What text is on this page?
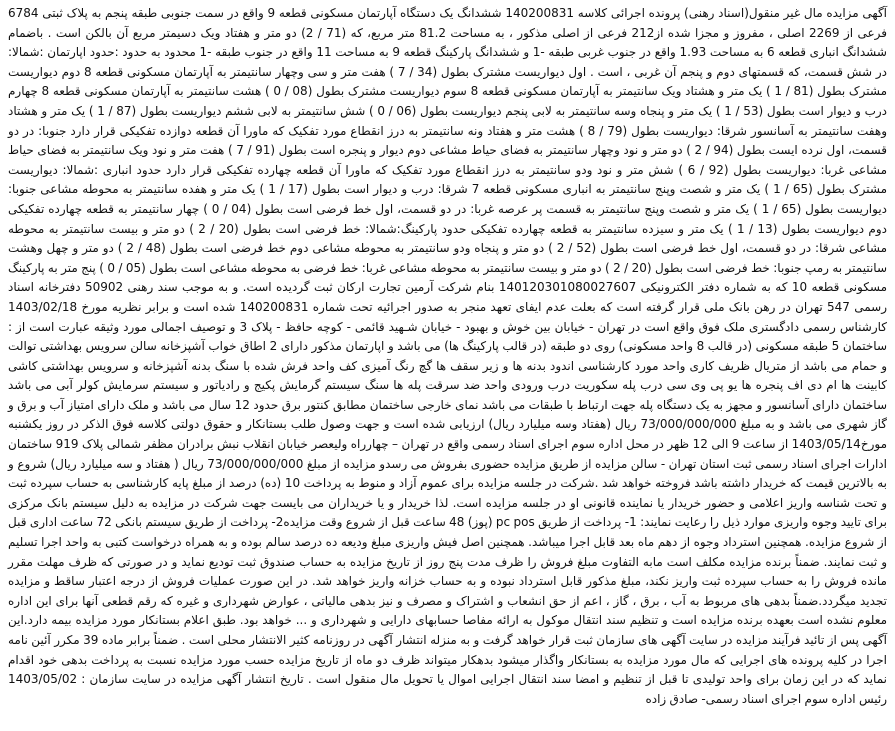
آگهی مزایده مال غیر منقول(اسناد رهنی) پرونده اجرائی کلاسه 140200831 ششدانگ یک دستگاه آپارتمان مسکونی قطعه 9 واقع در سمت جنوبی طبقه پنجم به پلاک ثبتی 6784 فرعی از 2269 اصلی ، مفروز و مجزا شده از212 فرعی از اصلی مذکور ، به مساحت 81.2 متر مربع، که (71 / 2) دو متر و هفتاد ویک دسیمتر مربع آن بالکن است . باضمام ششدانگ انباری قطعه 6 به مساحت 1.93 واقع در جنوب غربی طبقه -1 و ششدانگ پارکینگ قطعه 9 به مساحت 11 واقع در جنوب طبقه -1 محدود به حدود :حدود اپارتمان :شمالا: در شش قسمت، که قسمتهای دوم و پنجم آن غربی ، است . اول دیواریست مشترک بطول (34 / 7 ) هفت متر و سی وچهار سانتیمتر به آپارتمان مسکونی قطعه 8 دوم دیواریست مشترک بطول (81 / 1 ) یک متر و هشتاد ویک سانتیمتر به آپارتمان مسکونی قطعه 8 سوم دیواریست مشترک بطول (08 / 0 ) هشت سانتیمتر به آپارتمان مسکونی قطعه 8 چهارم درب و دیوار است بطول (53 / 1 ) یک متر و پنجاه وسه سانتیمتر به لابی پنجم دیواریست بطول (06 / 0 ) شش سانتیمتر به لابی ششم دیواریست بطول (87 / 1 ) یک متر و هشتاد وهفت سانتیمتر به آسانسور شرقا: دیواریست بطول (79 / 8 ) هشت متر و هفتاد ونه سانتیمتر به درز انقطاع مورد تفکیک که ماورا آن قطعه دوازده تفکیکی قرار دارد جنوبا: در دو قسمت، اول نرده ایست بطول (94 / 2 ) دو متر و نود وچهار سانتیمتر به فضای حیاط مشاعی دوم دیوار و پنجره است بطول (91 / 7 ) هفت متر و نود ویک سانتیمتر به فضای حیاط مشاعی غربا: دیواریست بطول (92 / 6 ) شش متر و نود ودو سانتیمتر به درز انقطاع مورد تفکیک که ماورا آن قطعه چهارده تفکیکی قرار دارد حدود انباری :شمالا: دیواریست مشترک بطول (65 / 1 ) یک متر و شصت وپنج سانتیمتر به انباری مسکونی قطعه 7 شرقا: درب و دیوار است بطول (17 / 1 ) یک متر و هفده سانتیمتر به محوطه مشاعی جنوبا: دیواریست بطول (65 / 1 ) یک متر و شصت وپنج سانتیمتر به قسمت پر عرصه غربا: در دو قسمت، اول خط فرضی است بطول (04 / 0 ) چهار سانتیمتر به قطعه چهارده تفکیکی دوم دیواریست بطول (13 / 1 ) یک متر و سیزده سانتیمتر به قطعه چهارده تفکیکی حدود پارکینگ:شمالا: خط فرضی است بطول (20 / 2 ) دو متر و بیست سانتیمتر به محوطه مشاعی شرقا: در دو قسمت، اول خط فرضی است بطول (52 / 2 ) دو متر و پنجاه ودو سانتیمتر به محوطه مشاعی دوم خط فرضی است بطول (48 / 2 ) دو متر و چهل وهشت سانتیمتر به رمپ جنوبا: خط فرضی است بطول (20 / 2 ) دو متر و بیست سانتیمتر به محوطه مشاعی غربا: خط فرضی به محوطه مشاعی است بطول (05 / 0 ) پنج متر به پارکینگ مسکونی قطعه 10 که به شماره دفتر الکترونیکی 140120301080027607 بنام شرکت آرمین تجارت ارکان ثبت گردیده است. و به موجب سند رهنی 50902 دفترخانه اسناد رسمی 547 تهران در رهن بانک ملی قرار گرفته است که بعلت عدم ایفای تعهد منجر به صدور اجرائیه تحت شماره 140200831 شده است و برابر نظریه مورخ 1403/02/18 کارشناس رسمی دادگستری ملک فوق واقع است در تهران - خیابان بین خوش و بهبود - خیابان شـهید قائمی - کوچه حافظ - پلاک 3 و توصیف اجمالی مورد وثیقه عبارت است از : ساختمان 5 طبقه مسکونی (در قالب 8 واحد مسکونی) روی دو طبقه (در قالب پارکینگ ها) می باشد و اپارتمان مذکور دارای 2 اطاق خواب آشپزخانه سالن سرویس بهداشتی توالت و حمام می باشد از متریال ظریف کاری واحد مورد کارشناسی اندود بدنه ها و زیر سقف ها گچ رنگ آمیزی کف واحد فرش شده با سنگ بدنه آشپزخانه و سرویس بهداشتی کاشی کابینت ها ام دی اف پنجره ها یو پی وی سی درب پله سکوریت درب ورودی واحد ضد سرقت پله ها سنگ سیستم گرمایش پکیج و رادیاتور و سیستم سرمایش کولر آبی می باشد ساختمان دارای آسانسور و مجهز به یک دستگاه پله جهت ارتباط با طبقات می باشد نمای خارجی ساختمان مطابق کنتور برق حدود 12 سال می باشد و ملک دارای امتیاز آب و برق و گاز شهری می باشد و به مبلغ 73/000/000/000 ریال (هفتاد وسه میلیارد ریال) ارزیابی شده است و جهت وصول طلب بستانکار و حقوق دولتی کلاسه فوق الذکر در روز یکشنبه مورخ1403/05/14 از ساعت 9 الی 12 ظهر در محل اداره سوم اجرای اسناد رسمی واقع در تهران – چهارراه ولیعصر خیابان انقلاب نبش برادران مظفر شمالی پلاک 919 ساختمان ادارات اجرای اسناد رسمی ثبت استان تهران - سالن مزایده از طریق مزایده حضوری بفروش می رسدو مزایده از مبلغ 73/000/000/000 ریال ( هفتاد و سه میلیارد ریال) شروع و به بالاترین قیمت که خریدار داشته باشد فروخته خواهد شد .شرکت در جلسه مزایده برای عموم آزاد و منوط به پرداخت 10 (ده) درصد از مبلغ پایه کارشناسی به حساب سپرده ثبت و تحت شناسه واریز اعلامی و حضور خریدار یا نماینده قانونی او در جلسه مزایده است. لذا خریدار و یا خریداران می بایست جهت شرکت در مزایده به دلیل سیستم بانک مرکزی برای تایید وجوه واریزی موارد ذیل را رعایت نمایند: 1- پرداخت از طریق pc pos (پوز) 48 ساعت قبل از شروع وقت مزایده2- پرداخت از طریق سیستم بانکی 72 ساعت اداری قبل از شروع مزایده. همچنین استرداد وجوه از دهم ماه بعد قابل اجرا میباشد. همچنین اصل فیش واریزی مبلغ ودیعه ده درصد سالم بوده و به همراه درخواست کتبی به واحد اجرا تسلیم و ثبت نمایند. ضمناً برنده مزایده مکلف است مابه التفاوت مبلغ فروش را ظرف مدت پنج روز از تاریخ مزایده به حساب صندوق ثبت تودیع نماید و در صورتی که ظرف مهلت مقرر مانده فروش را به حساب سپرده ثبت واریز نکند، مبلغ مذکور قابل استرداد نبوده و به حساب خزانه واریز خواهد شد. در این صورت عملیات فروش از درجه اعتبار ساقط و مزایده تجدید میگردد.ضمناً بدهی های مربوط به آب ، برق ، گاز ، اعم از حق انشعاب و اشتراک و مصرف و نیز بدهی مالیاتی ، عوارض شهرداری و غیره که رقم قطعی آنها برای این اداره معلوم نشده است بعهده برنده مزایده است و تنظیم سند انتقال موکول به ارائه مفاصا حسابهای دارایی و شهرداری و ... خواهد بود. طبق اعلام بستانکار مورد مزایده بیمه دارد.این آگهی پس از تائید فرآیند مزایده در سایت آگهی های سازمان ثبت قرار خواهد گرفت و به منزله انتشار آگهی در روزنامه کثیر الانتشار محلی است . ضمناً برابر ماده 39 مکرر آئین نامه اجرا در کلیه پرونده های اجرایی که مال مورد مزایده به بستانکار واگذار میشود بدهکار میتواند ظرف دو ماه از تاریخ مزایده حسب مورد مزایده نسبت به پرداخت بدهی خود اقدام نماید که در این زمان برای واحد تولیدی تا قبل از تنظیم و امضا سند انتقال اجرایی اموال یا تحویل مال منقول است . تاریخ انتشار آگهی مزایده در سایت سازمان : 1403/05/02 رئیس اداره سوم اجرای اسناد رسمی- صادق زاده
